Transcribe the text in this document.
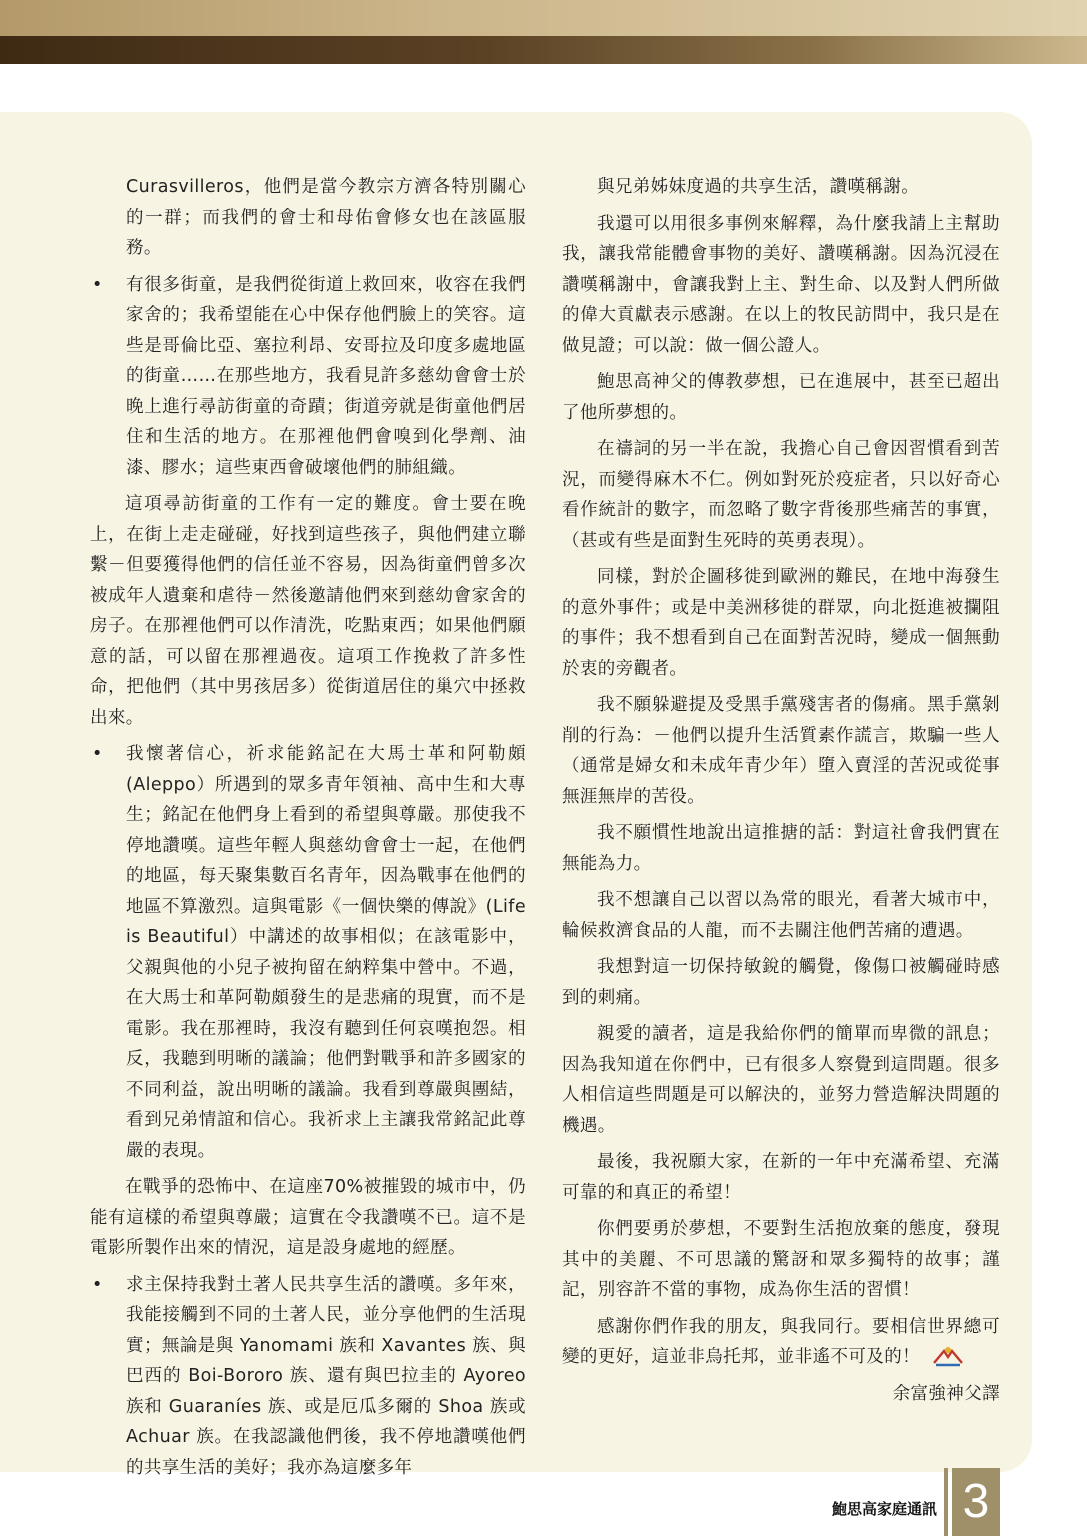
Curasvilleros，他們是當今教宗方濟各特別關心的一群；而我們的會士和母佑會修女也在該區服務。

• 有很多街童，是我們從街道上救回來，收容在我們家舍的；我希望能在心中保存他們臉上的笑容。這些是哥倫比亞、塞拉利昂、安哥拉及印度多處地區的街童……在那些地方，我看見許多慈幼會會士於晚上進行尋訪街童的奇蹟；街道旁就是街童他們居住和生活的地方。在那裡他們會嗅到化學劑、油漆、膠水；這些東西會破壞他們的肺組織。

這項尋訪街童的工作有一定的難度。會士要在晚上，在街上走走碰碰，好找到這些孩子，與他們建立聯繫－但要獲得他們的信任並不容易，因為街童們曾多次被成年人遺棄和虐待－然後邀請他們來到慈幼會家舍的房子。在那裡他們可以作清洗，吃點東西；如果他們願意的話，可以留在那裡過夜。這項工作挽救了許多性命，把他們（其中男孩居多）從街道居住的巢穴中拯救出來。

• 我懷著信心，祈求能銘記在大馬士革和阿勒頗(Aleppo）所遇到的眾多青年領袖、高中生和大專生；銘記在他們身上看到的希望與尊嚴。那使我不停地讚嘆。這些年輕人與慈幼會會士一起，在他們的地區，每天聚集數百名青年，因為戰事在他們的地區不算激烈。這與電影《一個快樂的傳說》(Life is Beautiful）中講述的故事相似；在該電影中，父親與他的小兒子被拘留在納粹集中營中。不過，在大馬士和革阿勒頗發生的是悲痛的現實，而不是電影。我在那裡時，我沒有聽到任何哀嘆抱怨。相反，我聽到明晰的議論；他們對戰爭和許多國家的不同利益，說出明晰的議論。我看到尊嚴與團結，看到兄弟情誼和信心。我祈求上主讓我常銘記此尊嚴的表現。

在戰爭的恐怖中、在這座70%被摧毀的城市中，仍能有這樣的希望與尊嚴；這實在令我讚嘆不已。這不是電影所製作出來的情況，這是設身處地的經歷。

• 求主保持我對土著人民共享生活的讚嘆。多年來，我能接觸到不同的土著人民，並分享他們的生活現實；無論是與 Yanomami 族和 Xavantes 族、與巴西的 Boi-Bororo 族、還有與巴拉圭的 Ayoreo 族和 Guaraníes 族、或是厄瓜多爾的 Shoa 族或 Achuar 族。在我認識他們後，我不停地讚嘆他們的共享生活的美好；我亦為這麼多年

與兄弟姊妹度過的共享生活，讚嘆稱謝。

我還可以用很多事例來解釋，為什麼我請上主幫助我，讓我常能體會事物的美好、讚嘆稱謝。因為沉浸在讚嘆稱謝中，會讓我對上主、對生命、以及對人們所做的偉大貢獻表示感謝。在以上的牧民訪問中，我只是在做見證；可以說：做一個公證人。

鮑思高神父的傳教夢想，已在進展中，甚至已超出了他所夢想的。

在禱詞的另一半在說，我擔心自己會因習慣看到苦況，而變得麻木不仁。例如對死於疫症者，只以好奇心看作統計的數字，而忽略了數字背後那些痛苦的事實，（甚或有些是面對生死時的英勇表現）。

同樣，對於企圖移徙到歐洲的難民，在地中海發生的意外事件；或是中美洲移徙的群眾，向北挺進被攔阻的事件；我不想看到自己在面對苦況時，變成一個無動於衷的旁觀者。

我不願躲避提及受黑手黨殘害者的傷痛。黑手黨剝削的行為：－他們以提升生活質素作謊言，欺騙一些人（通常是婦女和未成年青少年）墮入賣淫的苦況或從事無涯無岸的苦役。

我不願慣性地說出這推搪的話：對這社會我們實在無能為力。

我不想讓自己以習以為常的眼光，看著大城市中，輪候救濟食品的人龍，而不去關注他們苦痛的遭遇。

我想對這一切保持敏銳的觸覺，像傷口被觸碰時感到的刺痛。

親愛的讀者，這是我給你們的簡單而卑微的訊息；因為我知道在你們中，已有很多人察覺到這問題。很多人相信這些問題是可以解決的，並努力營造解決問題的機遇。

最後，我祝願大家，在新的一年中充滿希望、充滿可靠的和真正的希望！

你們要勇於夢想，不要對生活抱放棄的態度，發現其中的美麗、不可思議的驚訝和眾多獨特的故事；謹記，別容許不當的事物，成為你生活的習慣！

感謝你們作我的朋友，與我同行。要相信世界總可變的更好，這並非烏托邦，並非遙不可及的！

余富強神父譯

鮑思高家庭通訊 3
